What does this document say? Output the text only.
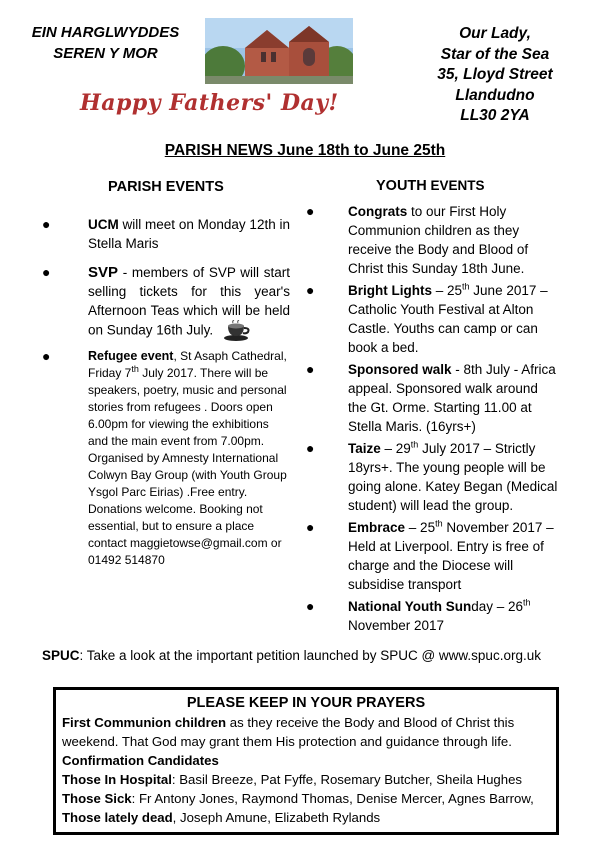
EIN HARGLWYDDES
SEREN Y MOR
Our Lady,
Star of the Sea
35, Lloyd Street
Llandudno
LL30 2YA
Happy Fathers' Day!
PARISH NEWS June 18th to June 25th
PARISH EVENTS
●	UCM will meet on Monday 12th in Stella Maris
●	SVP - members of SVP will start selling tickets for this year's Afternoon Teas which will be held on Sunday 16th July.
●	Refugee event, St Asaph Cathedral, Friday 7th July 2017. There will be speakers, poetry, music and personal stories from refugees . Doors open 6.00pm for viewing the exhibitions and the main event from 7.00pm. Organised by Amnesty International Colwyn Bay Group (with Youth Group Ysgol Parc Eirias) .Free entry. Donations welcome. Booking not essential, but to ensure a place contact maggietowse@gmail.com or 01492 514870
YOUTH EVENTS
● Congrats to our First Holy Communion children as they receive the Body and Blood of Christ this Sunday 18th June.
● Bright Lights – 25th June 2017 – Catholic Youth Festival at Alton Castle. Youths can camp or can book a bed.
● Sponsored walk - 8th July - Africa appeal. Sponsored walk around the Gt. Orme. Starting 11.00 at Stella Maris. (16yrs+)
● Taize – 29th July 2017 – Strictly 18yrs+. The young people will be going alone. Katey Began (Medical student) will lead the group.
● Embrace – 25th November 2017 – Held at Liverpool. Entry is free of charge and the Diocese will subsidise transport
● National Youth Sunday – 26th November 2017
SPUC: Take a look at the important petition launched by SPUC @ www.spuc.org.uk
PLEASE KEEP IN YOUR PRAYERS
First Communion children as they receive the Body and Blood of Christ this weekend. That God may grant them His protection and guidance through life.
Confirmation Candidates
Those In Hospital: Basil Breeze, Pat Fyffe, Rosemary Butcher, Sheila Hughes
Those Sick: Fr Antony Jones, Raymond Thomas, Denise Mercer, Agnes Barrow,
Those lately dead, Joseph Amune, Elizabeth Rylands
